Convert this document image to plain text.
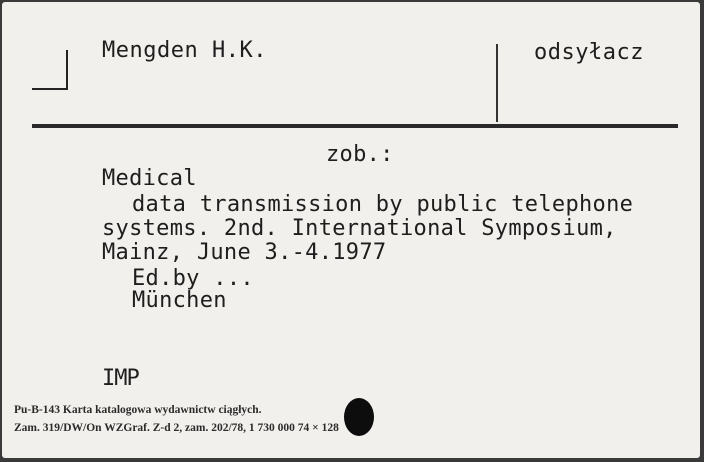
Mengden H.K.	odsyłacz
zob.:
Medical
data transmission by public telephone
systems. 2nd. International Symposium,
Mainz, June 3.-4.1977
Ed.by ...
München
IMP
Pu-B-143 Karta katalogowa wydawnictw ciągłych.
Zam. 319/DW/On WZGraf. Z-d 2, zam. 202/78, 1 730 000 74 × 128
